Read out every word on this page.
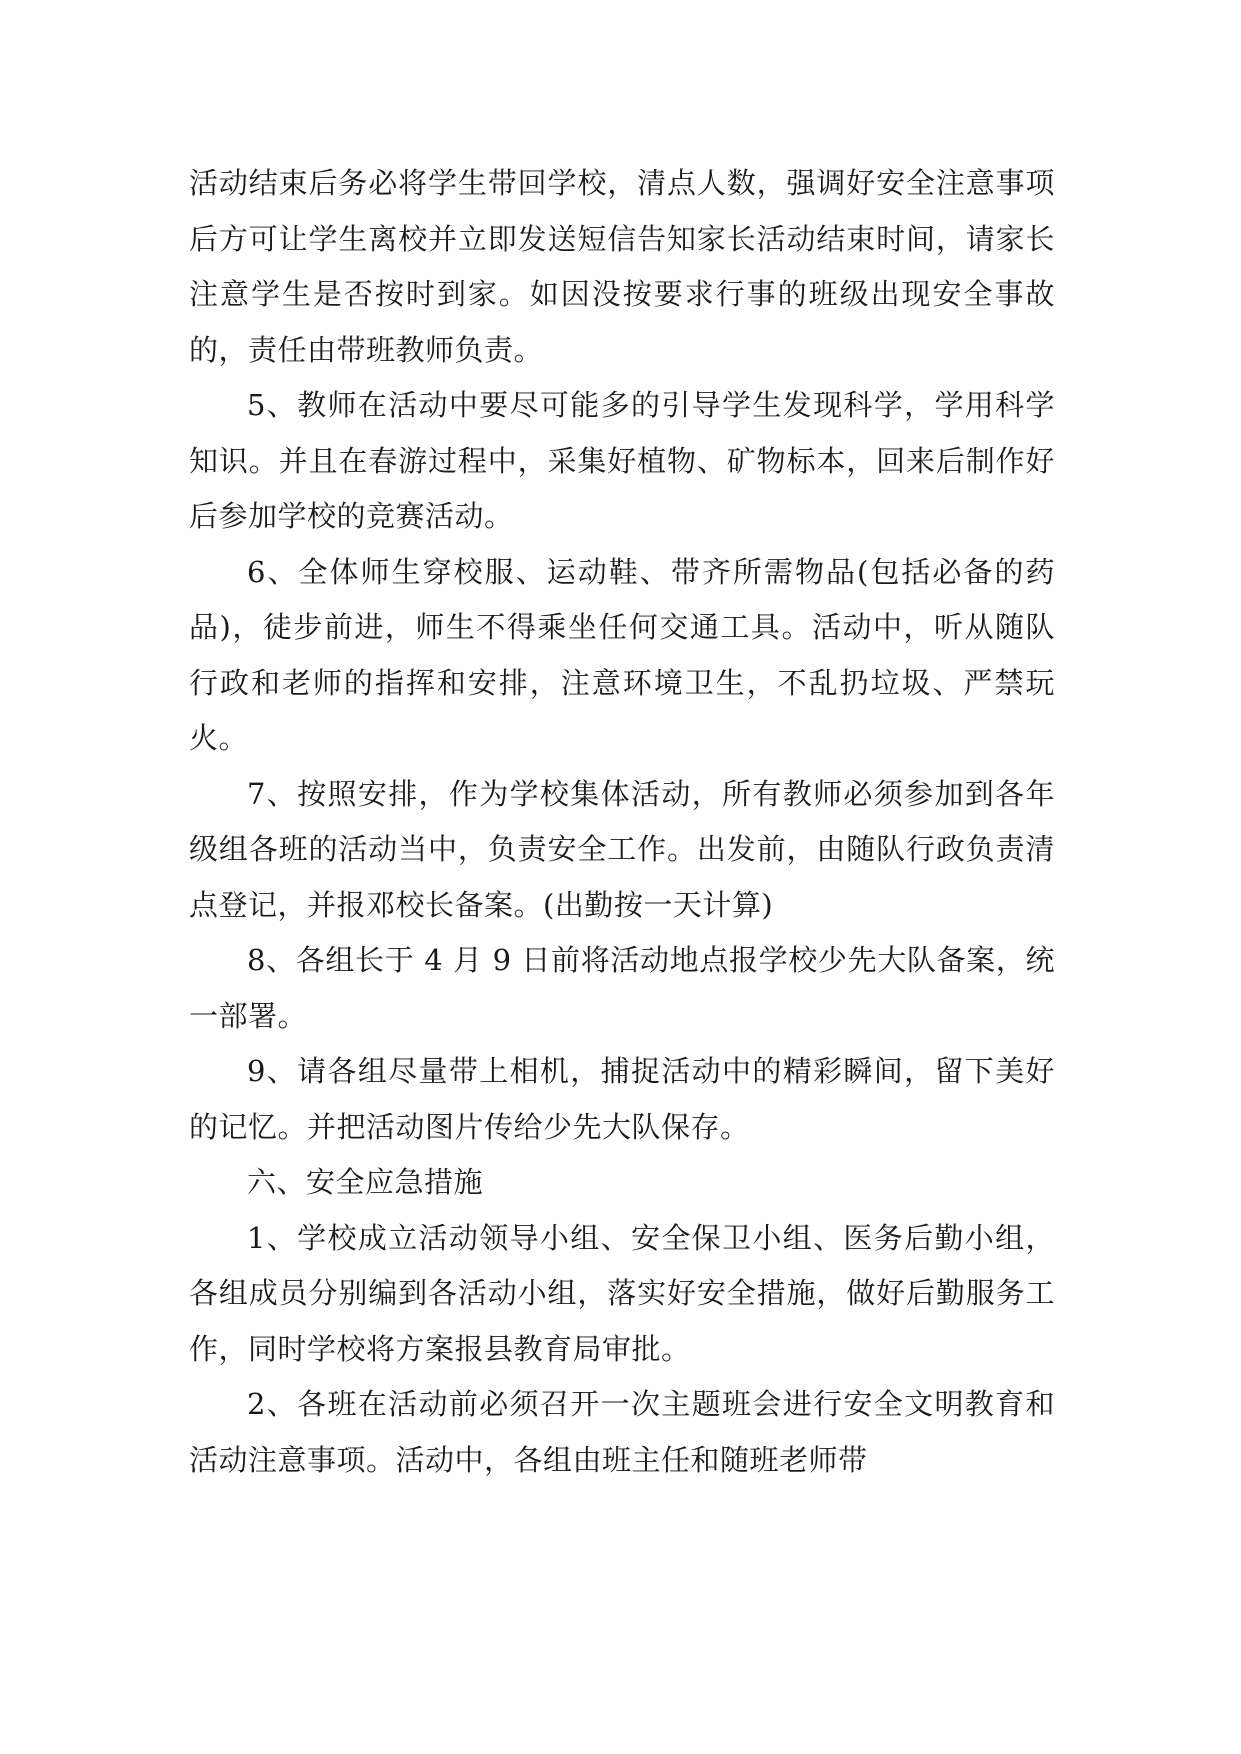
活动结束后务必将学生带回学校，清点人数，强调好安全注意事项后方可让学生离校并立即发送短信告知家长活动结束时间，请家长注意学生是否按时到家。如因没按要求行事的班级出现安全事故的，责任由带班教师负责。

5、教师在活动中要尽可能多的引导学生发现科学，学用科学知识。并且在春游过程中，采集好植物、矿物标本，回来后制作好后参加学校的竞赛活动。

6、全体师生穿校服、运动鞋、带齐所需物品(包括必备的药品)，徒步前进，师生不得乘坐任何交通工具。活动中，听从随队行政和老师的指挥和安排，注意环境卫生，不乱扔垃圾、严禁玩火。

7、按照安排，作为学校集体活动，所有教师必须参加到各年级组各班的活动当中，负责安全工作。出发前，由随队行政负责清点登记，并报邓校长备案。(出勤按一天计算)

8、各组长于 4 月 9 日前将活动地点报学校少先大队备案，统一部署。

9、请各组尽量带上相机，捕捉活动中的精彩瞬间，留下美好的记忆。并把活动图片传给少先大队保存。

六、安全应急措施

1、学校成立活动领导小组、安全保卫小组、医务后勤小组，各组成员分别编到各活动小组，落实好安全措施，做好后勤服务工作，同时学校将方案报县教育局审批。

2、各班在活动前必须召开一次主题班会进行安全文明教育和活动注意事项。活动中，各组由班主任和随班老师带
